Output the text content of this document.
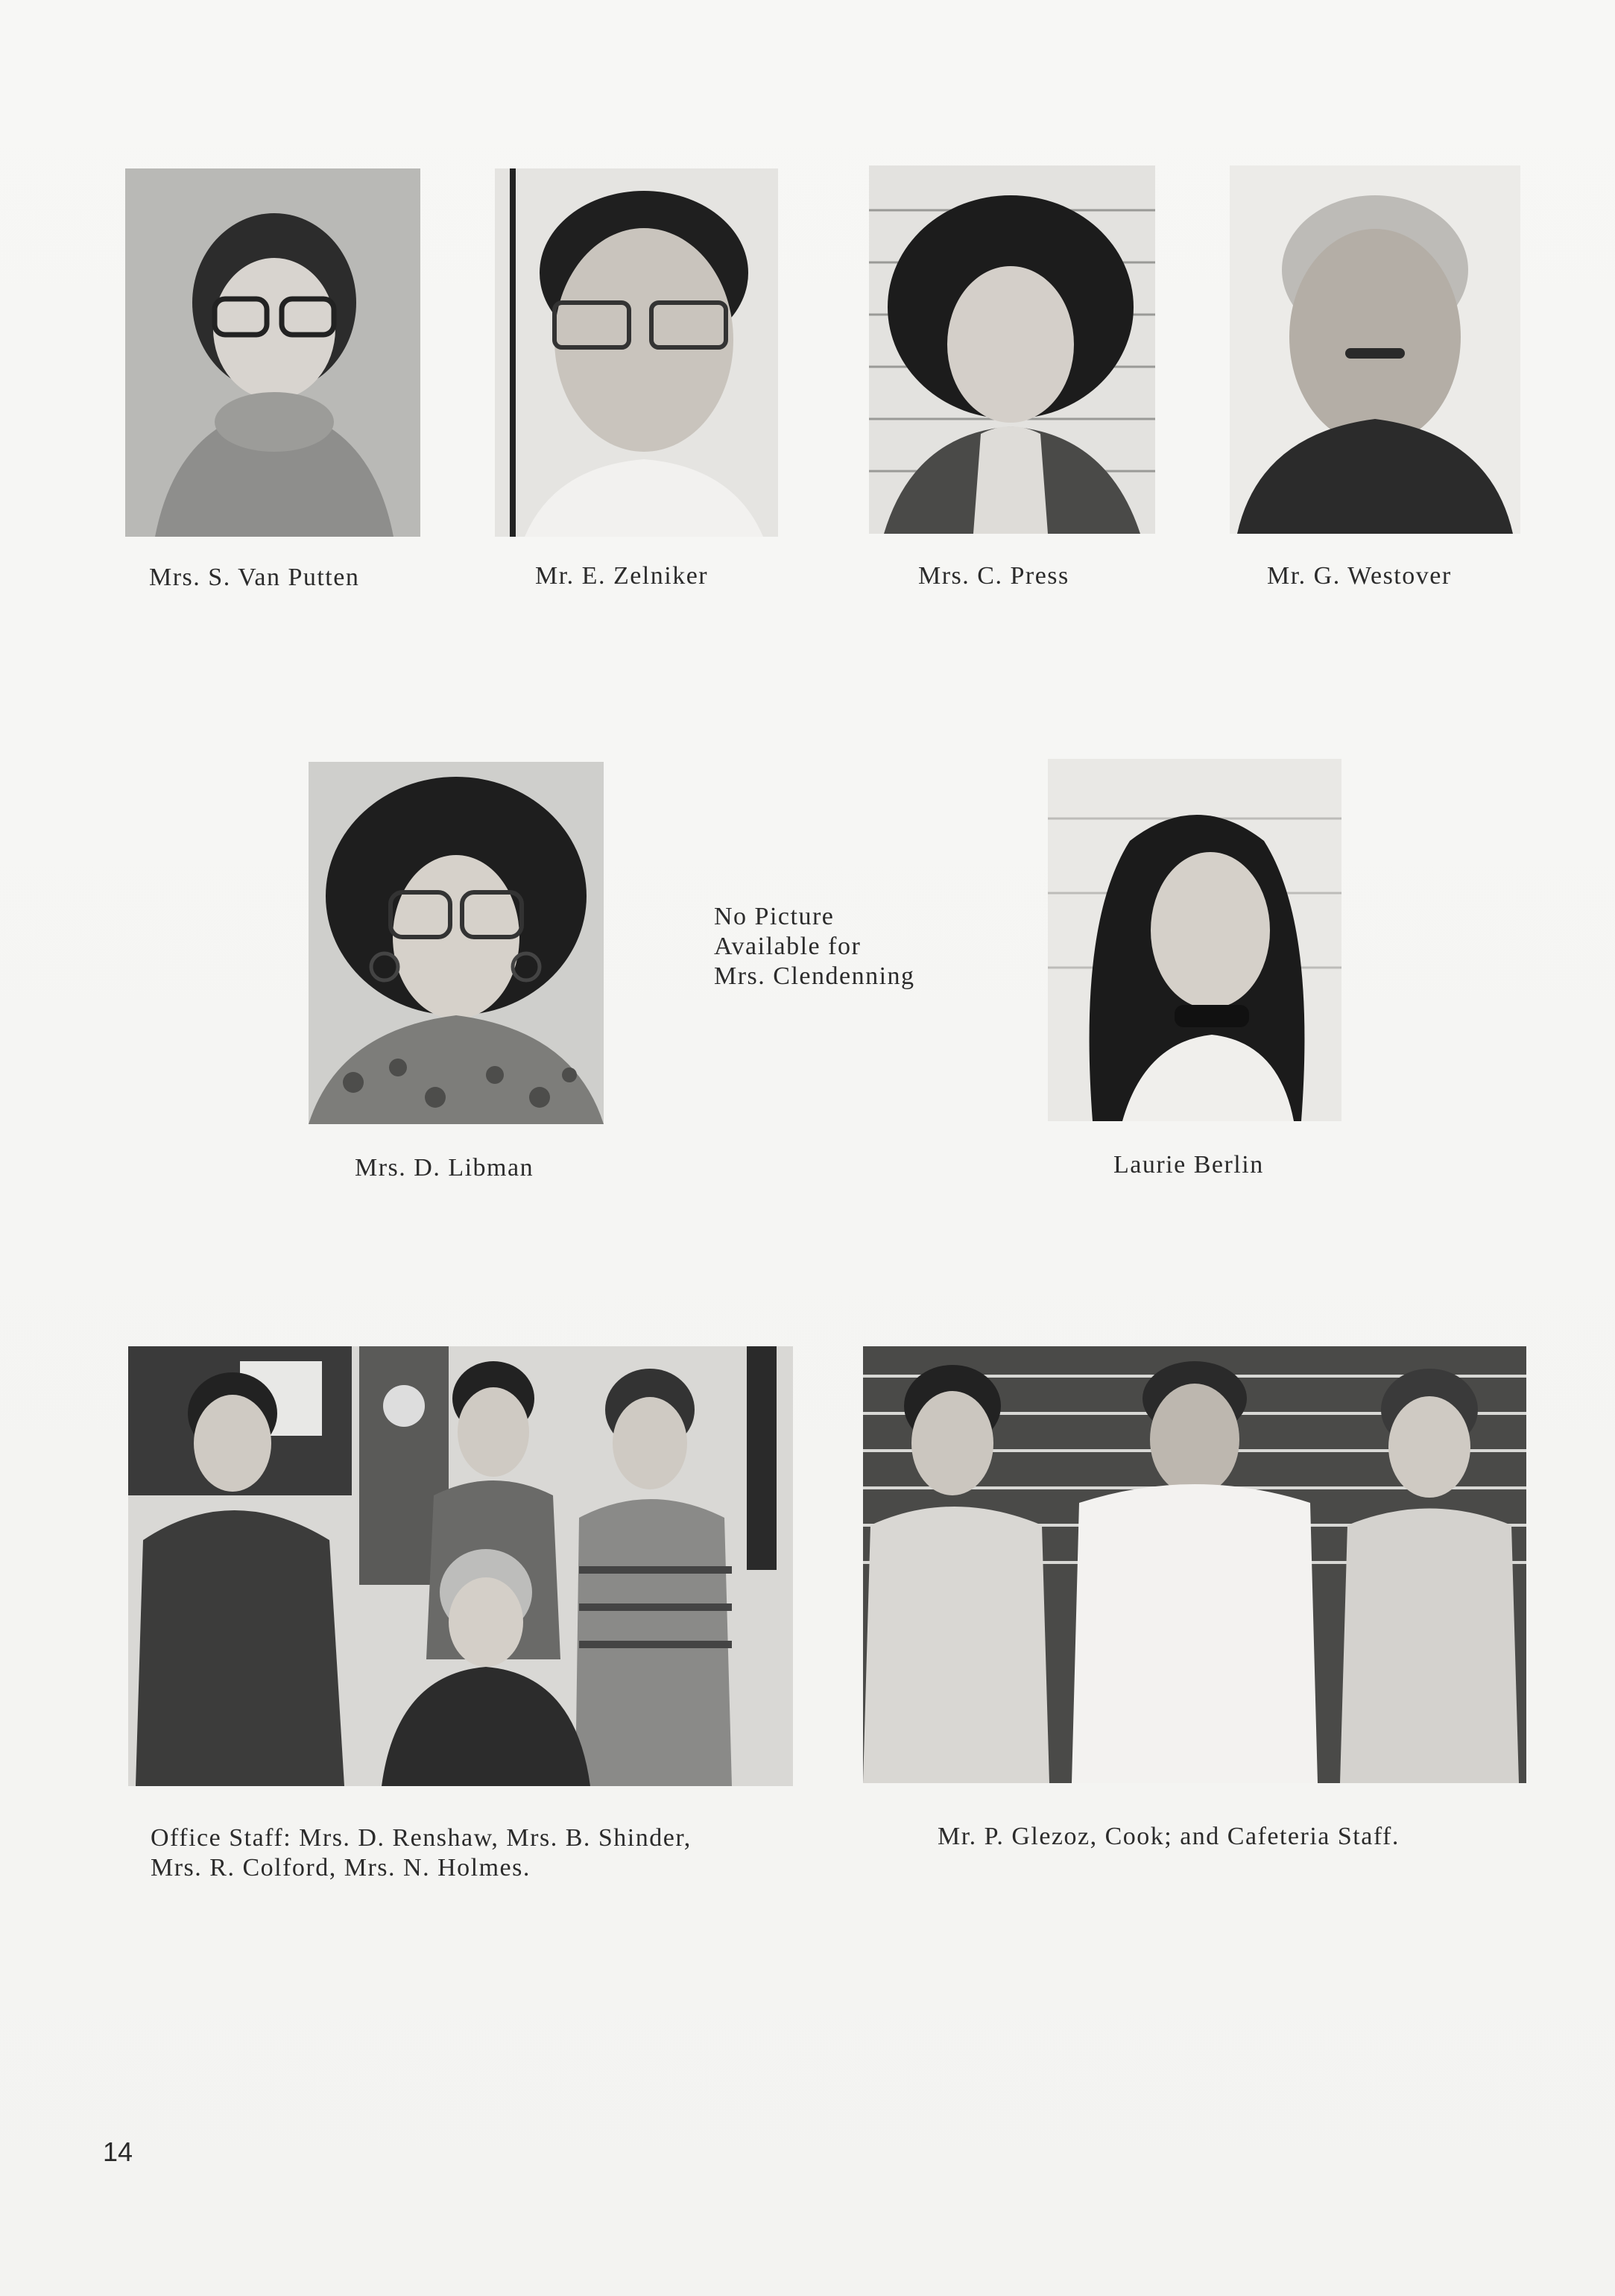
Mrs. S. Van Putten	Mr. E. Zelniker	Mrs. C. Press	Mr. G. Westover
No Picture
Available for
Mrs. Clendenning
Mrs. D. Libman	Laurie Berlin
Office Staff: Mrs. D. Renshaw, Mrs. B. Shinder,
Mrs. R. Colford, Mrs. N. Holmes.
Mr. P. Glezoz, Cook; and Cafeteria Staff.
14
